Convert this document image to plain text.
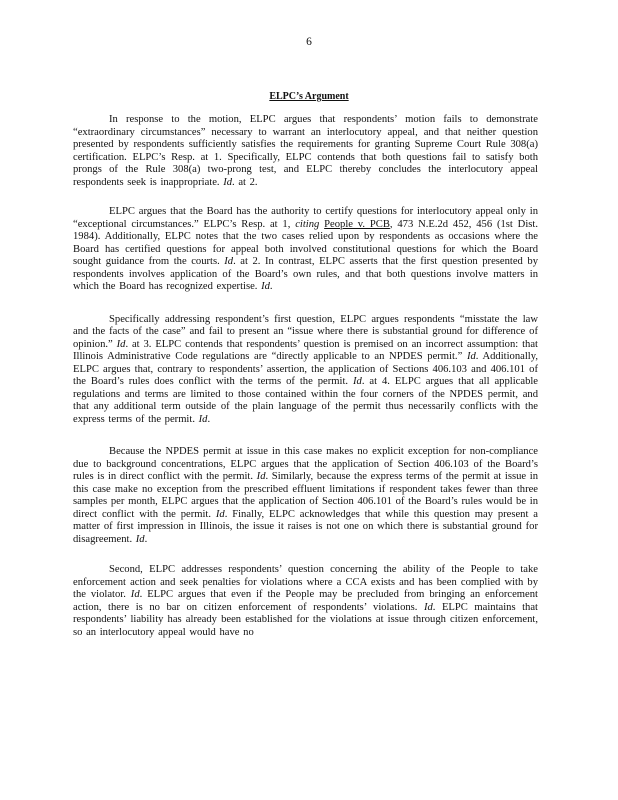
6
ELPC’s Argument

In response to the motion, ELPC argues that respondents’ motion fails to demonstrate “extraordinary circumstances” necessary to warrant an interlocutory appeal, and that neither question presented by respondents sufficiently satisfies the requirements for granting Supreme Court Rule 308(a) certification. ELPC’s Resp. at 1. Specifically, ELPC contends that both questions fail to satisfy both prongs of the Rule 308(a) two-prong test, and ELPC thereby concludes the interlocutory appeal respondents seek is inappropriate. Id. at 2.

ELPC argues that the Board has the authority to certify questions for interlocutory appeal only in “exceptional circumstances.” ELPC’s Resp. at 1, citing People v. PCB, 473 N.E.2d 452, 456 (1st Dist. 1984). Additionally, ELPC notes that the two cases relied upon by respondents as occasions where the Board has certified questions for appeal both involved constitutional questions for which the Board sought guidance from the courts. Id. at 2. In contrast, ELPC asserts that the first question presented by respondents involves application of the Board’s own rules, and that both questions involve matters in which the Board has recognized expertise. Id.

Specifically addressing respondent’s first question, ELPC argues respondents “misstate the law and the facts of the case” and fail to present an “issue where there is substantial ground for difference of opinion.” Id. at 3. ELPC contends that respondents’ question is premised on an incorrect assumption: that Illinois Administrative Code regulations are “directly applicable to an NPDES permit.” Id. Additionally, ELPC argues that, contrary to respondents’ assertion, the application of Sections 406.103 and 406.101 of the Board’s rules does conflict with the terms of the permit. Id. at 4. ELPC argues that all applicable regulations and terms are limited to those contained within the four corners of the NPDES permit, and that any additional term outside of the plain language of the permit thus necessarily conflicts with the express terms of the permit. Id.

Because the NPDES permit at issue in this case makes no explicit exception for non-compliance due to background concentrations, ELPC argues that the application of Section 406.103 of the Board’s rules is in direct conflict with the permit. Id. Similarly, because the express terms of the permit at issue in this case make no exception from the prescribed effluent limitations if respondent takes fewer than three samples per month, ELPC argues that the application of Section 406.101 of the Board’s rules would be in direct conflict with the permit. Id. Finally, ELPC acknowledges that while this question may present a matter of first impression in Illinois, the issue it raises is not one on which there is substantial ground for disagreement. Id.

Second, ELPC addresses respondents’ question concerning the ability of the People to take enforcement action and seek penalties for violations where a CCA exists and has been complied with by the violator. Id. ELPC argues that even if the People may be precluded from bringing an enforcement action, there is no bar on citizen enforcement of respondents’ violations. Id. ELPC maintains that respondents’ liability has already been established for the violations at issue through citizen enforcement, so an interlocutory appeal would have no
